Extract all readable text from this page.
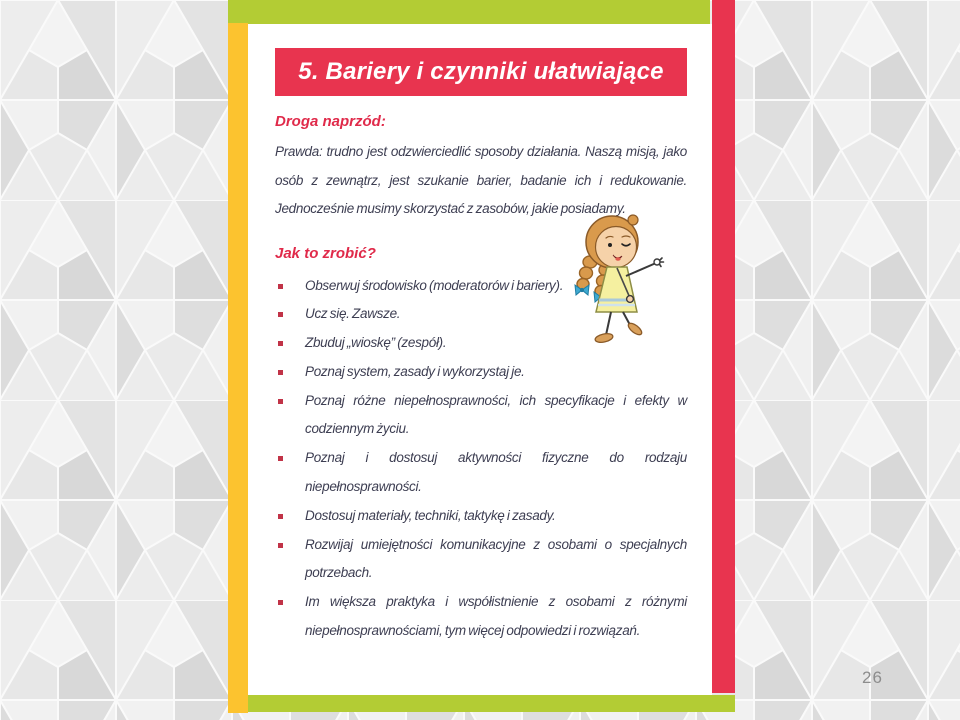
5. Bariery i czynniki ułatwiające
Droga naprzód:

Prawda: trudno jest odzwierciedlić sposoby działania. Naszą misją, jako osób z zewnątrz, jest szukanie barier, badanie ich i redukowanie. Jednocześnie musimy skorzystać z zasobów, jakie posiadamy.

Jak to zrobić?
Obserwuj środowisko (moderatorów i bariery).
Ucz się. Zawsze.
Zbuduj „wioskę” (zespół).
Poznaj system, zasady i wykorzystaj je.
Poznaj różne niepełnosprawności, ich specyfikacje i efekty w codziennym życiu.
Poznaj i dostosuj aktywności fizyczne do rodzaju niepełnosprawności.
Dostosuj materiały, techniki, taktykę i zasady.
Rozwijaj umiejętności komunikacyjne z osobami o specjalnych potrzebach.
Im większa praktyka i współistnienie z osobami z różnymi niepełnosprawnościami, tym więcej odpowiedzi i rozwiązań.
26
